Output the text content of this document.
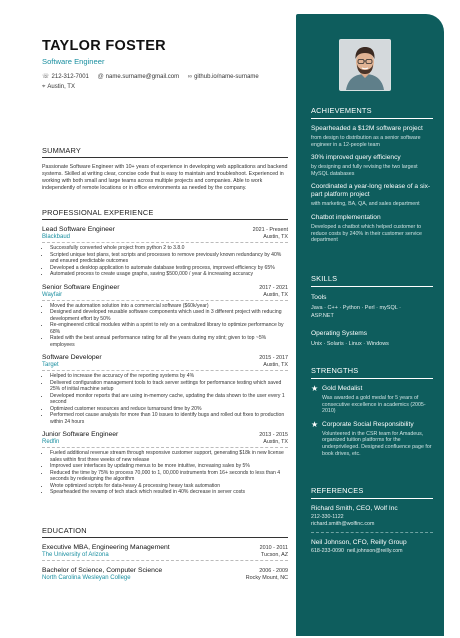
TAYLOR FOSTER
Software Engineer
☏ 212-312-7001 @ name.surname@gmail.com ∞ github.io/name-surname
⌖ Austin, TX
SUMMARY

Passionate Software Engineer with 10+ years of experience in developing web applications and backend systems. Skilled at writing clear, concise code that is easy to maintain and troubleshoot. Experienced in working with both small and large teams across multiple projects and companies. Able to work independently of remote locations or in office environments as needed by the company.

PROFESSIONAL EXPERIENCE
Lead Software Engineer	2021 - Present
Blackbaud	Austin, TX
• Successfully converted whole project from python 2 to 3.8.0
• Scripted unique test plans, test scripts and processes to remove previously known redundancy by 40% and ensured predictable outcomes
• Developed a desktop application to automate database testing process, improved efficiency by 65%
• Automated process to create usage graphs, saving $500,000 / year & increasing accuracy
Senior Software Engineer	2017 - 2021
Wayfair	Austin, TX
• Moved the automation solution into a commercial software ($60k/year)
• Designed and developed reusable software components which used in 3 different project with reducing development effort by 50%
• Re-engineered critical modules within a sprint to rely on a centralized library to optimize performance by 68%
• Rated with the best annual performance rating for all the years during my stint; given to top ~5% employees
Software Developer	2015 - 2017
Target	Austin, TX
• Helped to increase the accuracy of the reporting systems by 4%
• Delivered configuration management tools to track server settings for performance testing which saved 25% of initial machine setup
• Developed monitor reports that are using in-memory cache, updating the data shown to the user every 1 second
• Optimized customer resources and reduce turnaround time by 20%
• Performed root cause analysis for more than 10 issues to identify bugs and rolled out fixes to production within 24 hours
Junior Software Engineer	2013 - 2015
Redfin	Austin, TX
• Fueled additional revenue stream through responsive customer support, generating $18k in new license sales within first three weeks of new release
• Improved user interfaces by updating menus to be more intuitive, increasing sales by 5%
• Reduced the time by 75% to process 70,000 to 1, 00,000 instruments from 16+ seconds to less than 4 seconds by redesigning the algorithm
• Wrote optimized scripts for data-heavy & processing heavy task automation
• Spearheaded the revamp of tech stack which resulted in 40% decrease in server costs
EDUCATION
Executive MBA, Engineering Management	2010 - 2011
The University of Arizona	Tucson, AZ
Bachelor of Science, Computer Science	2006 - 2009
North Carolina Wesleyan College	Rocky Mount, NC
ACHIEVEMENTS
Spearheaded a $12M software project
from design to distribution as a senior software engineer in a 12-people team
30% improved query efficiency
by designing and fully revising the two largest MySQL databases
Coordinated a year-long release of a six-part platform project
with marketing, BA, QA, and sales department
Chatbot implementation
Developed a chatbot which helped customer to reduce costs by 240% in their customer service department
SKILLS
Tools
Java · C++ · Python · Perl · mySQL ·
ASP.NET
Operating Systems
Unix · Solaris · Linux · Windows
STRENGTHS
★ Gold Medalist
Was awarded a gold medal for 5 years of consecutive excellence in academics (2005-2010)
★ Corporate Social Responsibility
Volunteered in the CSR team for Amadeus, organized tuition platforms for the underprivileged. Designed confluence page for book drives, etc.
REFERENCES
Richard Smith, CEO, Wolf Inc
212-330-1122
richard.smith@wolfinc.com
Neil Johnson, CFO, Reilly Group
618-233-0090 neil.johnson@reilly.com
